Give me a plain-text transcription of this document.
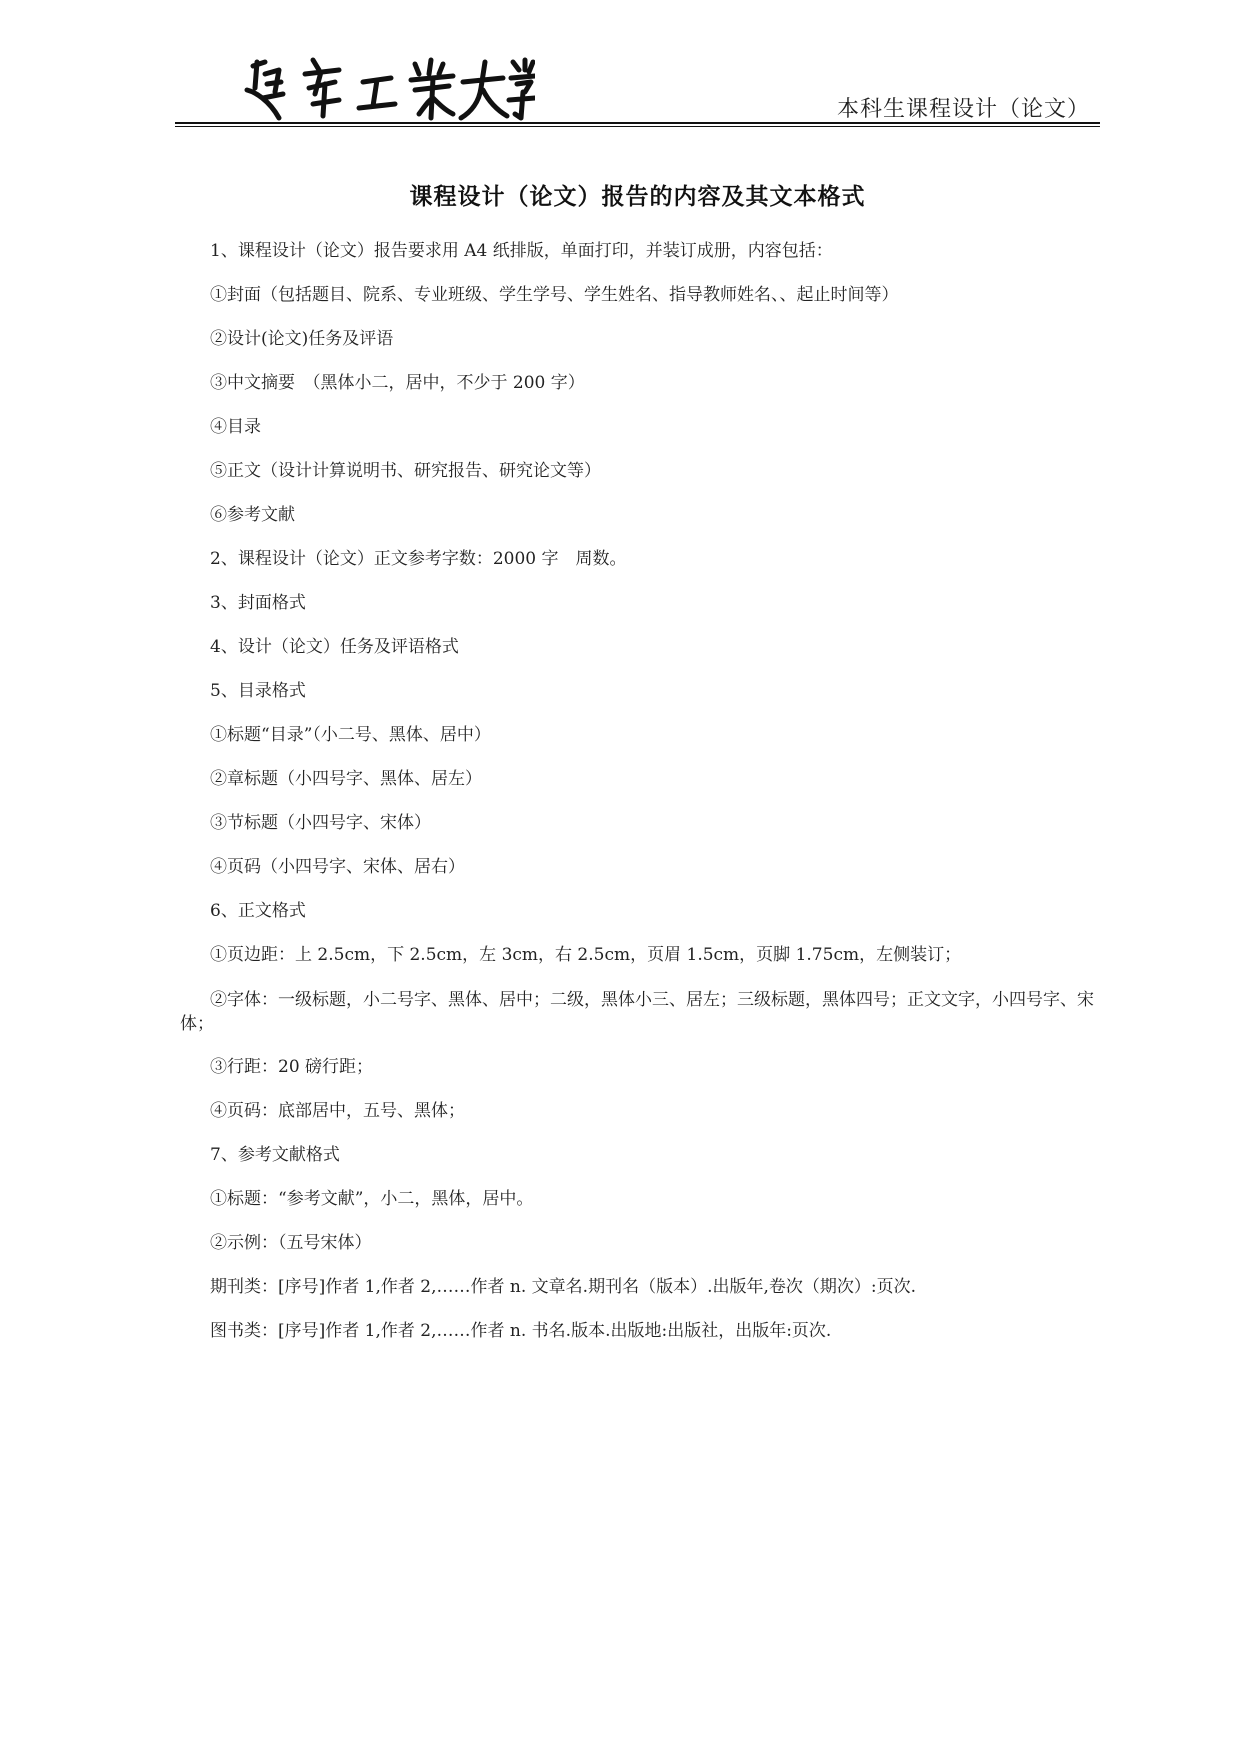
本科生课程设计（论文）
课程设计（论文）报告的内容及其文本格式

1、课程设计（论文）报告要求用 A4 纸排版，单面打印，并装订成册，内容包括：

①封面（包括题目、院系、专业班级、学生学号、学生姓名、指导教师姓名、、起止时间等）

②设计(论文)任务及评语

③中文摘要　（黑体小二，居中，不少于 200 字）

④目录

⑤正文（设计计算说明书、研究报告、研究论文等）

⑥参考文献

2、课程设计（论文）正文参考字数：2000 字　周数。

3、封面格式

4、设计（论文）任务及评语格式

5、目录格式

①标题“目录”（小二号、黑体、居中）

②章标题（小四号字、黑体、居左）

③节标题（小四号字、宋体）

④页码（小四号字、宋体、居右）

6、正文格式

①页边距：上 2.5cm，下 2.5cm，左 3cm，右 2.5cm，页眉 1.5cm，页脚 1.75cm，左侧装订；

②字体：一级标题，小二号字、黑体、居中；二级，黑体小三、居左；三级标题，黑体四号；正文文字，小四号字、宋体；

③行距：20 磅行距；

④页码：底部居中，五号、黑体；

7、参考文献格式

①标题：“参考文献”，小二，黑体，居中。

②示例：（五号宋体）

期刊类：[序号]作者 1,作者 2,……作者 n. 文章名.期刊名（版本）.出版年,卷次（期次）:页次.

图书类：[序号]作者 1,作者 2,……作者 n. 书名.版本.出版地:出版社，出版年:页次.
